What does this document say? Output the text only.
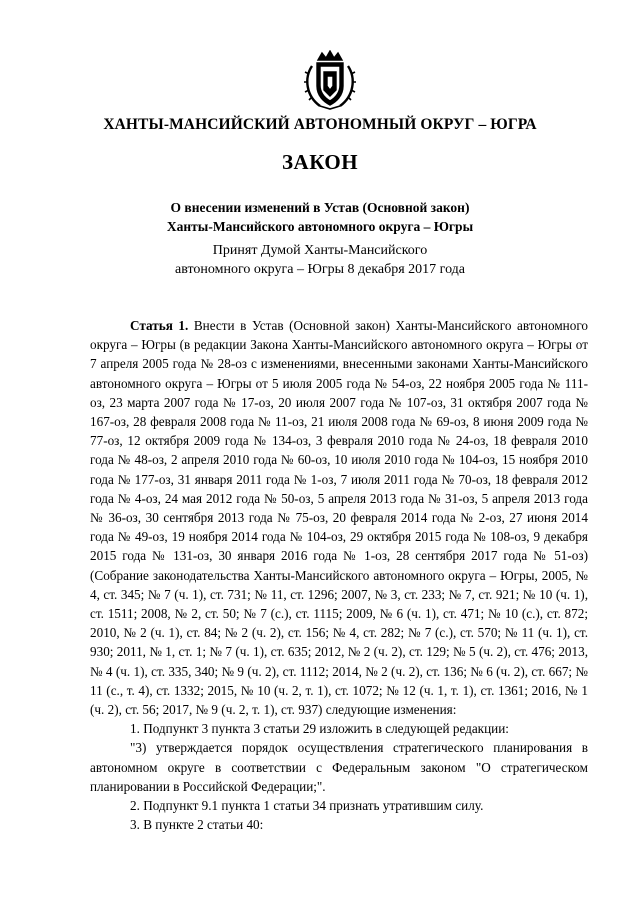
ХАНТЫ-МАНСИЙСКИЙ АВТОНОМНЫЙ ОКРУГ – ЮГРА
ЗАКОН
О внесении изменений в Устав (Основной закон)
Ханты-Мансийского автономного округа – Югры
Принят Думой Ханты-Мансийского
автономного округа – Югры 8 декабря 2017 года

Статья 1. Внести в Устав (Основной закон) Ханты-Мансийского автономного округа – Югры (в редакции Закона Ханты-Мансийского автономного округа – Югры от 7 апреля 2005 года № 28-оз с изменениями, внесенными законами Ханты-Мансийского автономного округа – Югры от 5 июля 2005 года № 54-оз, 22 ноября 2005 года № 111-оз, 23 марта 2007 года № 17-оз, 20 июля 2007 года № 107-оз, 31 октября 2007 года № 167-оз, 28 февраля 2008 года № 11-оз, 21 июля 2008 года № 69-оз, 8 июня 2009 года № 77-оз, 12 октября 2009 года № 134-оз, 3 февраля 2010 года № 24-оз, 18 февраля 2010 года № 48-оз, 2 апреля 2010 года № 60-оз, 10 июля 2010 года № 104-оз, 15 ноября 2010 года № 177-оз, 31 января 2011 года № 1-оз, 7 июля 2011 года № 70-оз, 18 февраля 2012 года № 4-оз, 24 мая 2012 года № 50-оз, 5 апреля 2013 года № 31-оз, 5 апреля 2013 года № 36-оз, 30 сентября 2013 года № 75-оз, 20 февраля 2014 года № 2-оз, 27 июня 2014 года № 49-оз, 19 ноября 2014 года № 104-оз, 29 октября 2015 года № 108-оз, 9 декабря 2015 года № 131-оз, 30 января 2016 года № 1-оз, 28 сентября 2017 года № 51-оз) (Собрание законодательства Ханты-Мансийского автономного округа – Югры, 2005, № 4, ст. 345; № 7 (ч. 1), ст. 731; № 11, ст. 1296; 2007, № 3, ст. 233; № 7, ст. 921; № 10 (ч. 1), ст. 1511; 2008, № 2, ст. 50; № 7 (с.), ст. 1115; 2009, № 6 (ч. 1), ст. 471; № 10 (с.), ст. 872; 2010, № 2 (ч. 1), ст. 84; № 2 (ч. 2), ст. 156; № 4, ст. 282; № 7 (с.), ст. 570; № 11 (ч. 1), ст. 930; 2011, № 1, ст. 1; № 7 (ч. 1), ст. 635; 2012, № 2 (ч. 2), ст. 129; № 5 (ч. 2), ст. 476; 2013, № 4 (ч. 1), ст. 335, 340; № 9 (ч. 2), ст. 1112; 2014, № 2 (ч. 2), ст. 136; № 6 (ч. 2), ст. 667; № 11 (с., т. 4), ст. 1332; 2015, № 10 (ч. 2, т. 1), ст. 1072; № 12 (ч. 1, т. 1), ст. 1361; 2016, № 1 (ч. 2), ст. 56; 2017, № 9 (ч. 2, т. 1), ст. 937) следующие изменения:

1. Подпункт 3 пункта 3 статьи 29 изложить в следующей редакции:

"3) утверждается порядок осуществления стратегического планирования в автономном округе в соответствии с Федеральным законом "О стратегическом планировании в Российской Федерации;".

2. Подпункт 9.1 пункта 1 статьи 34 признать утратившим силу.

3. В пункте 2 статьи 40:
